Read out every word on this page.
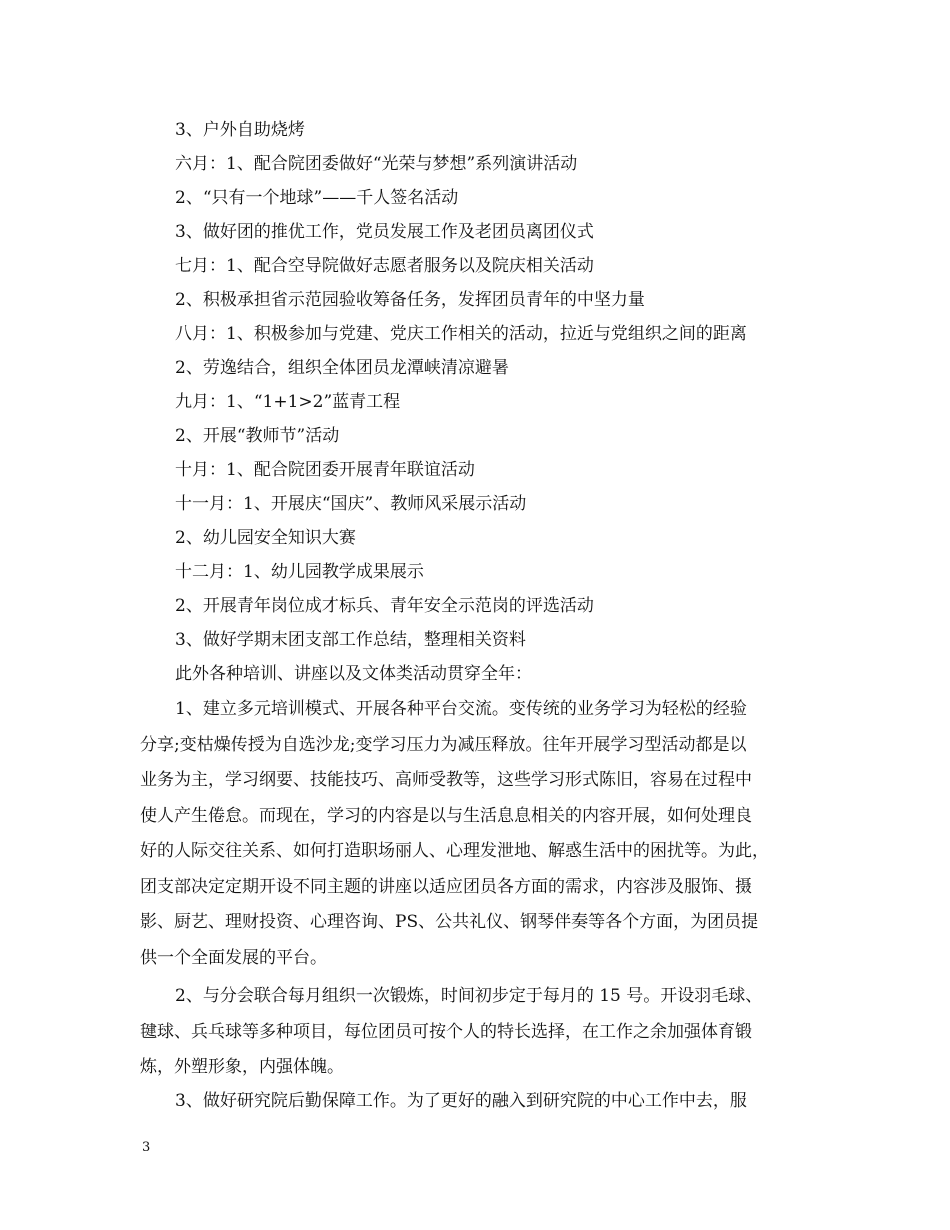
3、户外自助烧烤
六月：1、配合院团委做好“光荣与梦想”系列演讲活动
2、“只有一个地球”——千人签名活动
3、做好团的推优工作，党员发展工作及老团员离团仪式
七月：1、配合空导院做好志愿者服务以及院庆相关活动
2、积极承担省示范园验收筹备任务，发挥团员青年的中坚力量
八月：1、积极参加与党建、党庆工作相关的活动，拉近与党组织之间的距离
2、劳逸结合，组织全体团员龙潭峡清凉避暑
九月：1、“1+1>2”蓝青工程
2、开展“教师节”活动
十月：1、配合院团委开展青年联谊活动
十一月：1、开展庆“国庆”、教师风采展示活动
2、幼儿园安全知识大赛
十二月：1、幼儿园教学成果展示
2、开展青年岗位成才标兵、青年安全示范岗的评选活动
3、做好学期末团支部工作总结，整理相关资料
此外各种培训、讲座以及文体类活动贯穿全年：
1、建立多元培训模式、开展各种平台交流。变传统的业务学习为轻松的经验
分享;变枯燥传授为自选沙龙;变学习压力为减压释放。往年开展学习型活动都是以
业务为主，学习纲要、技能技巧、高师受教等，这些学习形式陈旧，容易在过程中
使人产生倦怠。而现在，学习的内容是以与生活息息相关的内容开展，如何处理良
好的人际交往关系、如何打造职场丽人、心理发泄地、解惑生活中的困扰等。为此，
团支部决定定期开设不同主题的讲座以适应团员各方面的需求，内容涉及服饰、摄
影、厨艺、理财投资、心理咨询、PS、公共礼仪、钢琴伴奏等各个方面，为团员提
供一个全面发展的平台。
2、与分会联合每月组织一次锻炼，时间初步定于每月的 15 号。开设羽毛球、
毽球、兵乓球等多种项目，每位团员可按个人的特长选择，在工作之余加强体育锻
炼，外塑形象，内强体魄。
3、做好研究院后勤保障工作。为了更好的融入到研究院的中心工作中去，服
3
